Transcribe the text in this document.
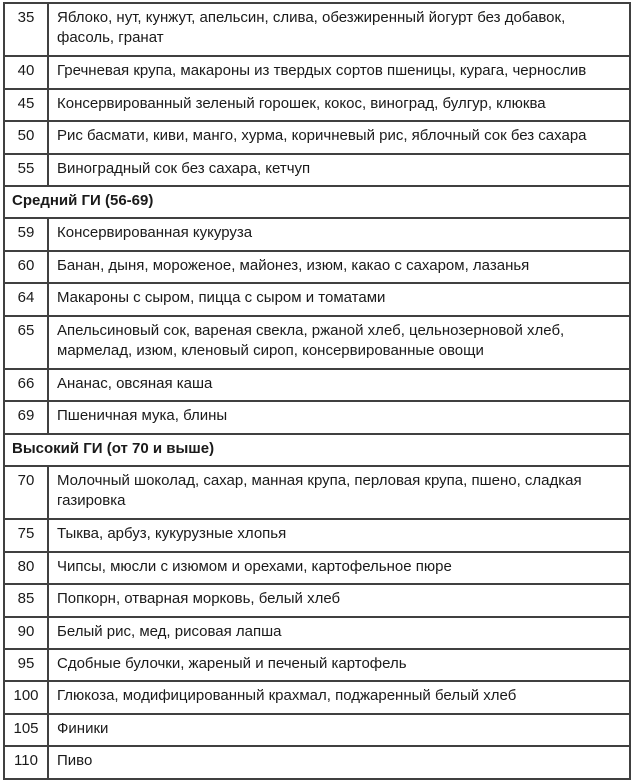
35	Яблоко, нут, кунжут, апельсин, слива, обезжиренный йогурт без добавок, фасоль, гранат
40	Гречневая крупа, макароны из твердых сортов пшеницы, курага, чернослив
45	Консервированный зеленый горошек, кокос, виноград, булгур, клюква
50	Рис басмати, киви, манго, хурма, коричневый рис, яблочный сок без сахара
55	Виноградный сок без сахара, кетчуп
Средний ГИ (56-69)	
59	Консервированная кукуруза
60	Банан, дыня, мороженое, майонез, изюм, какао с сахаром, лазанья
64	Макароны с сыром, пицца с сыром и томатами
65	Апельсиновый сок, вареная свекла, ржаной хлеб, цельнозерновой хлеб, мармелад, изюм, кленовый сироп, консервированные овощи
66	Ананас, овсяная каша
69	Пшеничная мука, блины
Высокий ГИ (от 70 и выше)	
70	Молочный шоколад, сахар, манная крупа, перловая крупа, пшено, сладкая газировка
75	Тыква, арбуз, кукурузные хлопья
80	Чипсы, мюсли с изюмом и орехами, картофельное пюре
85	Попкорн, отварная морковь, белый хлеб
90	Белый рис, мед, рисовая лапша
95	Сдобные булочки, жареный и печеный картофель
100	Глюкоза, модифицированный крахмал, поджаренный белый хлеб
105	Финики
110	Пиво
